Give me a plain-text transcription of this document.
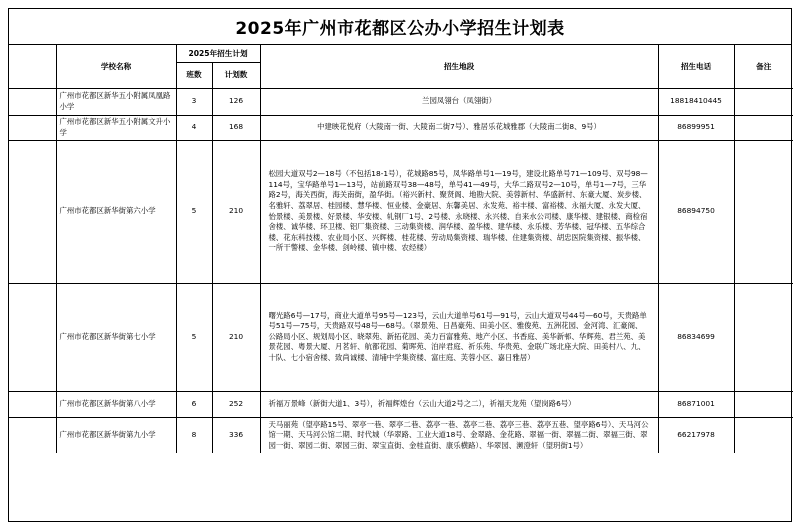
2025年广州市花都区公办小学招生计划表
	学校名称	2025年招生计划		招生地段	招生电话	备注
		班数	计划数			
	广州市花都区新华五小附属凤凰路小学	3	126	兰园凤翎台（凤翎街）	18818410445	
	广州市花都区新华五小附属文升小学	4	168	中建映花悦府（大陵南一街、大陵南二街7号）、雅居乐花城雅郡（大陵南二街8、9号）	86899951	
	广州市花都区新华街第六小学	5	210	松园大道双号2—18号（不包括18-1号），花城路85号，凤华路单号1—19号，建设北路单号71—109号、双号98—114号，宝华路单号1—13号，站前路双号38—48号，单号41—49号，大华二路双号2—10号，单号1—7号，三华路2号，海关西街，海关南街，盈华街。（裕兴新村、聚贤阁、地勘大院、美蓉新村、华盛新村、东豪大厦、炭步楼、名雅轩、荔翠居、桂园楼、慧华楼、恒业楼、金豪居、东馨美居、永发苑、裕丰楼、富裕楼、永福大厦、永发大厦、怡景楼、美景楼、好景楼、华安楼、轧钢厂1号、2号楼、永晓楼、永兴楼、自来水公司楼、康华楼、建银楼、商检宿舍楼、诚华楼、环卫楼、铝厂集资楼、三动集资楼、润华楼、盈华楼、建华楼、永乐楼、芳华楼、冠华楼、五华综合楼、花东科技楼、农业局小区、兴辉楼、桂花楼、劳动局集资楼、瑞华楼、住建集资楼、胡忠医院集资楼、振华楼、一所干警楼、金华楼、剑岭楼、镇中楼、农经楼）	86894750	
	广州市花都区新华街第七小学	5	210	曙光路6号—17号，商业大道单号95号—123号，云山大道单号61号—91号，云山大道双号44号—60号，天贵路单号51号—75号，天贵路双号48号—68号。（翠景苑、日昌豪苑、田美小区、雅俊苑、五洲花园、金河湾、汇豪阁、公路局小区、规划局小区、晓翠苑、新拓花园、美力百富雅苑、地产小区、书香庭、美华新邨、华辉苑、君兰苑、美景花园、粤景大厦、月茗轩、航都花园、菊晖苑、泊岸君庭、祈乐苑、华贵苑、金联广场北座大院、田美村八、九、十队、七小宿舍楼、致尚诚楼、清埔中学集资楼、富庄庭、芙蓉小区、嘉日雅居）	86834699	
	广州市花都区新华街第八小学	6	252	祈福万景峰（新街大道1、3号），祈福辉煌台（云山大道2号之二），祈福天龙苑（望岗路6号）	86871001	
	广州市花都区新华街第九小学	8	336	天马丽苑（望亭路15号、翠亭一巷、翠亭二巷、荔亭一巷、荔亭二巷、荔亭三巷、荔亭五巷、望亭路6号）、天马河公馆一期、天马河公馆二期、时代城（华翠路、工业大道18号、金翠路、金花路、翠福一街、翠福二街、翠福三街、翠园一街、翠园二街、翠园三街、翠宝直街、金桂直街、康乐横路）、华翠园、濒澄轩（望玥街1号）	66217978	
